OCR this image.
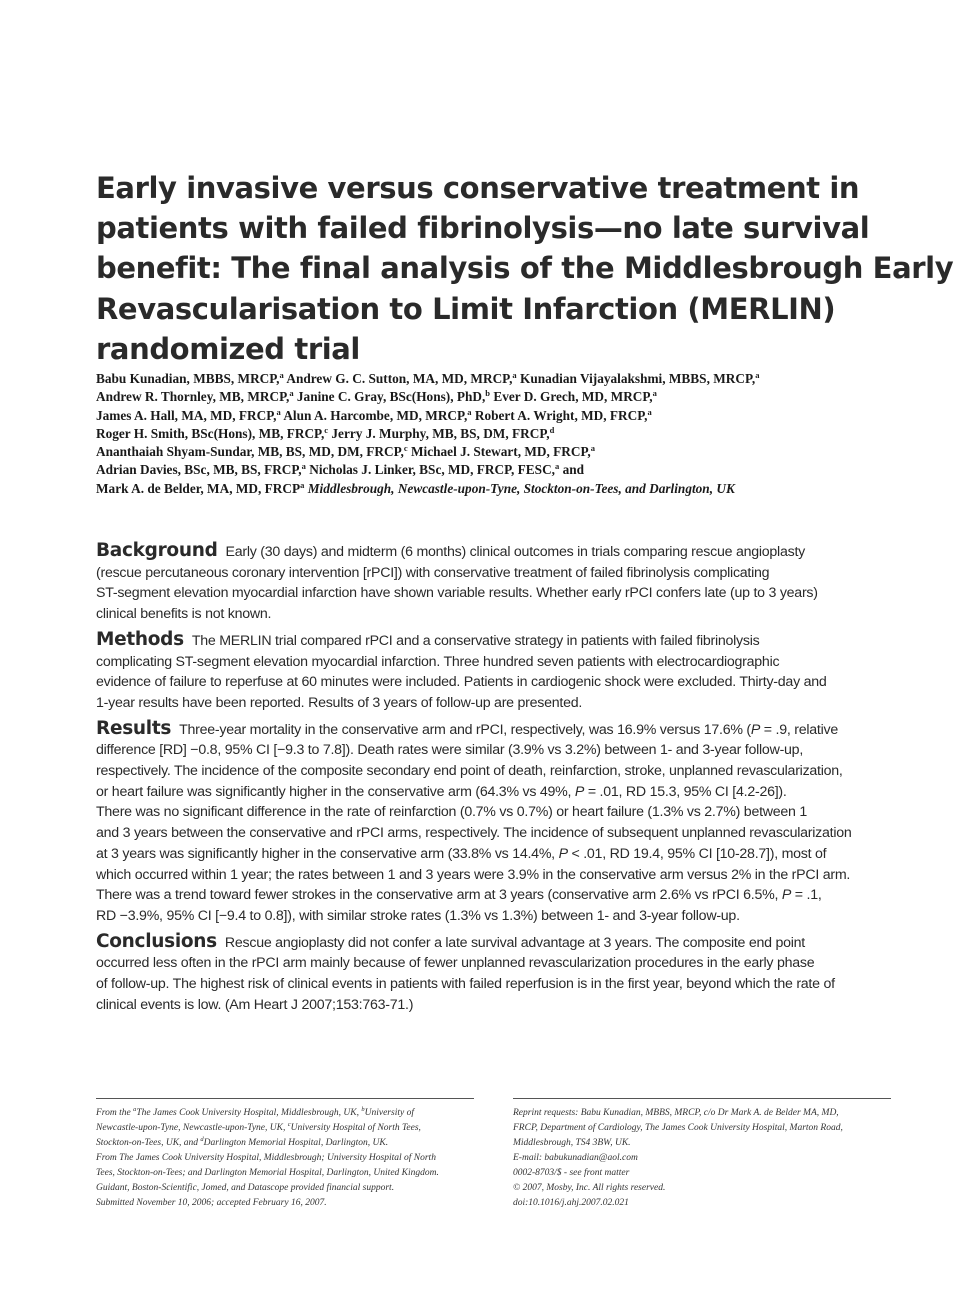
Early invasive versus conservative treatment in
patients with failed fibrinolysis—no late survival
benefit: The final analysis of the Middlesbrough Early
Revascularisation to Limit Infarction (MERLIN)
randomized trial
Babu Kunadian, MBBS, MRCP,$^a$ Andrew G. C. Sutton, MA, MD, MRCP,$^a$ Kunadian Vijayalakshmi, MBBS, MRCP,$^a$
Andrew R. Thornley, MB, MRCP,$^a$ Janine C. Gray, BSc(Hons), PhD,$^b$ Ever D. Grech, MD, MRCP,$^a$
James A. Hall, MA, MD, FRCP,$^a$ Alun A. Harcombe, MD, MRCP,$^a$ Robert A. Wright, MD, FRCP,$^a$
Roger H. Smith, BSc(Hons), MB, FRCP,$^c$ Jerry J. Murphy, MB, BS, DM, FRCP,$^d$
Ananthaiah Shyam-Sundar, MB, BS, MD, DM, FRCP,$^c$ Michael J. Stewart, MD, FRCP,$^a$
Adrian Davies, BSc, MB, BS, FRCP,$^a$ Nicholas J. Linker, BSc, MD, FRCP, FESC,$^a$ and
Mark A. de Belder, MA, MD, FRCP$^a$ Middlesbrough, Newcastle-upon-Tyne, Stockton-on-Tees, and Darlington, UK
Background Early (30 days) and midterm (6 months) clinical outcomes in trials comparing rescue angioplasty
(rescue percutaneous coronary intervention [rPCI]) with conservative treatment of failed fibrinolysis complicating
ST-segment elevation myocardial infarction have shown variable results. Whether early rPCI confers late (up to 3 years)
clinical benefits is not known.
Methods The MERLIN trial compared rPCI and a conservative strategy in patients with failed fibrinolysis
complicating ST-segment elevation myocardial infarction. Three hundred seven patients with electrocardiographic
evidence of failure to reperfuse at 60 minutes were included. Patients in cardiogenic shock were excluded. Thirty-day and
1-year results have been reported. Results of 3 years of follow-up are presented.
Results Three-year mortality in the conservative arm and rPCI, respectively, was 16.9% versus 17.6% (P = .9, relative
difference [RD] −0.8, 95% CI [−9.3 to 7.8]). Death rates were similar (3.9% vs 3.2%) between 1- and 3-year follow-up,
respectively. The incidence of the composite secondary end point of death, reinfarction, stroke, unplanned revascularization,
or heart failure was significantly higher in the conservative arm (64.3% vs 49%, P = .01, RD 15.3, 95% CI [4.2-26]).
There was no significant difference in the rate of reinfarction (0.7% vs 0.7%) or heart failure (1.3% vs 2.7%) between 1
and 3 years between the conservative and rPCI arms, respectively. The incidence of subsequent unplanned revascularization
at 3 years was significantly higher in the conservative arm (33.8% vs 14.4%, P < .01, RD 19.4, 95% CI [10-28.7]), most of
which occurred within 1 year; the rates between 1 and 3 years were 3.9% in the conservative arm versus 2% in the rPCI arm.
There was a trend toward fewer strokes in the conservative arm at 3 years (conservative arm 2.6% vs rPCI 6.5%, P = .1,
RD −3.9%, 95% CI [−9.4 to 0.8]), with similar stroke rates (1.3% vs 1.3%) between 1- and 3-year follow-up.
Conclusions Rescue angioplasty did not confer a late survival advantage at 3 years. The composite end point
occurred less often in the rPCI arm mainly because of fewer unplanned revascularization procedures in the early phase
of follow-up. The highest risk of clinical events in patients with failed reperfusion is in the first year, beyond which the rate of
clinical events is low. (Am Heart J 2007;153:763-71.)
From the $^a$The James Cook University Hospital, Middlesbrough, UK, $^b$University of
Newcastle-upon-Tyne, Newcastle-upon-Tyne, UK, $^c$University Hospital of North Tees,
Stockton-on-Tees, UK, and $^d$Darlington Memorial Hospital, Darlington, UK.
From The James Cook University Hospital, Middlesbrough; University Hospital of North
Tees, Stockton-on-Tees; and Darlington Memorial Hospital, Darlington, United Kingdom.
Guidant, Boston-Scientific, Jomed, and Datascope provided financial support.
Submitted November 10, 2006; accepted February 16, 2007.
Reprint requests: Babu Kunadian, MBBS, MRCP, c/o Dr Mark A. de Belder MA, MD,
FRCP, Department of Cardiology, The James Cook University Hospital, Marton Road,
Middlesbrough, TS4 3BW, UK.
E-mail: babukunadian@aol.com
0002-8703/$ - see front matter
© 2007, Mosby, Inc. All rights reserved.
doi:10.1016/j.ahj.2007.02.021
